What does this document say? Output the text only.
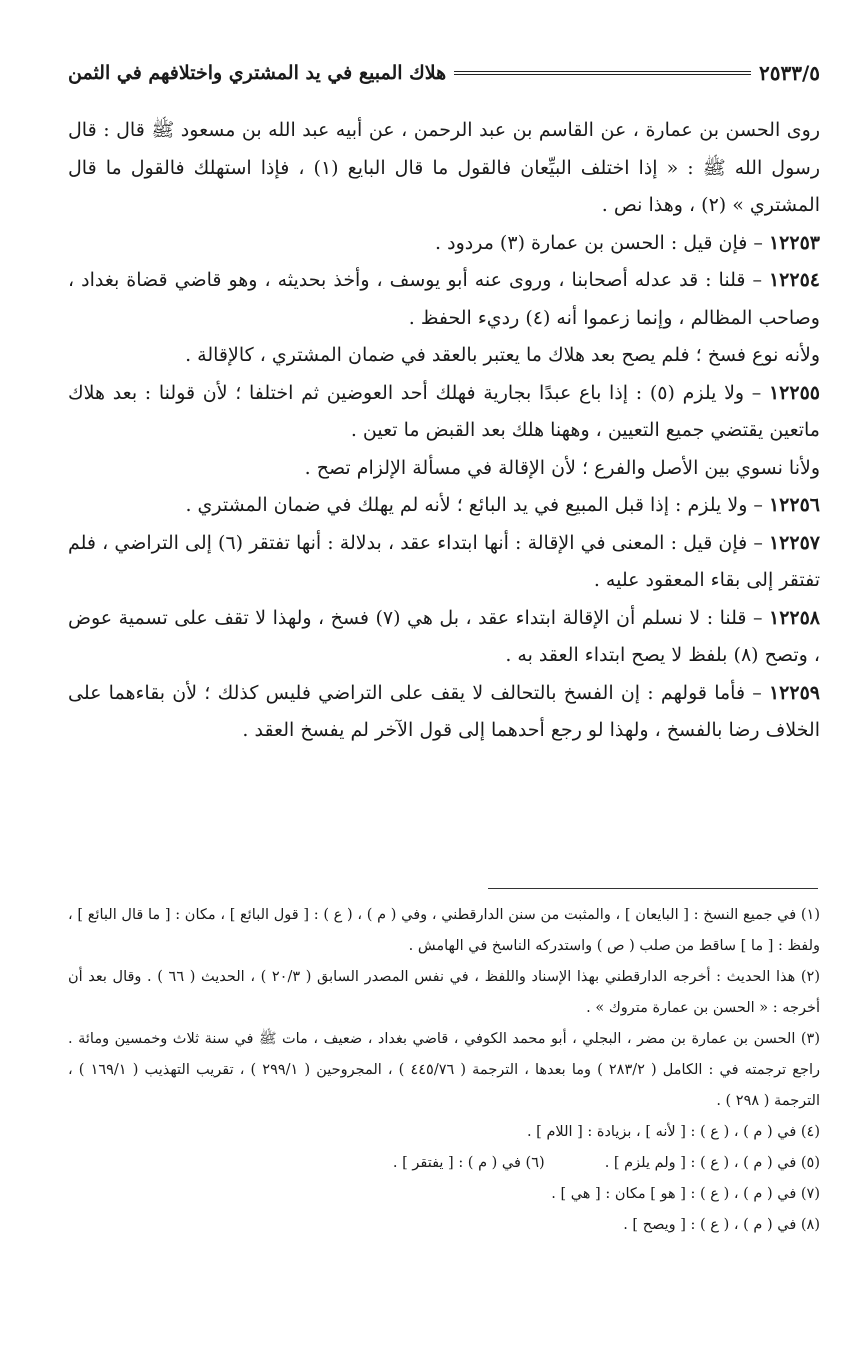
هلاك المبيع في يد المشتري واختلافهم في الثمن	٢٥٣٣/٥

روى الحسن بن عمارة ، عن القاسم بن عبد الرحمن ، عن أبيه عبد الله بن مسعود ﷺ قال : قال رسول الله ﷺ : « إذا اختلف البيِّعان فالقول ما قال البايع (١) ، فإذا استهلك فالقول ما قال المشتري » (٢) ، وهذا نص .

١٢٢٥٣ – فإن قيل : الحسن بن عمارة (٣) مردود .

١٢٢٥٤ – قلنا : قد عدله أصحابنا ، وروى عنه أبو يوسف ، وأخذ بحديثه ، وهو قاضي قضاة بغداد ، وصاحب المظالم ، وإنما زعموا أنه (٤) رديء الحفظ .

ولأنه نوع فسخ ؛ فلم يصح بعد هلاك ما يعتبر بالعقد في ضمان المشتري ، كالإقالة .

١٢٢٥٥ – ولا يلزم (٥) : إذا باع عبدًا بجارية فهلك أحد العوضين ثم اختلفا ؛ لأن قولنا : بعد هلاك ماتعين يقتضي جميع التعيين ، وههنا هلك بعد القبض ما تعين .

ولأنا نسوي بين الأصل والفرع ؛ لأن الإقالة في مسألة الإلزام تصح .

١٢٢٥٦ – ولا يلزم : إذا قبل المبيع في يد البائع ؛ لأنه لم يهلك في ضمان المشتري .

١٢٢٥٧ – فإن قيل : المعنى في الإقالة : أنها ابتداء عقد ، بدلالة : أنها تفتقر (٦) إلى التراضي ، فلم تفتقر إلى بقاء المعقود عليه .

١٢٢٥٨ – قلنا : لا نسلم أن الإقالة ابتداء عقد ، بل هي (٧) فسخ ، ولهذا لا تقف على تسمية عوض ، وتصح (٨) بلفظ لا يصح ابتداء العقد به .

١٢٢٥٩ – فأما قولهم : إن الفسخ بالتحالف لا يقف على التراضي فليس كذلك ؛ لأن بقاءهما على الخلاف رضا بالفسخ ، ولهذا لو رجع أحدهما إلى قول الآخر لم يفسخ العقد .

(١) في جميع النسخ : [ البايعان ] ، والمثبت من سنن الدارقطني ، وفي ( م ) ، ( ع ) : [ قول البائع ] ، مكان : [ ما قال البائع ] ، ولفظ : [ ما ] ساقط من صلب ( ص ) واستدركه الناسخ في الهامش .

(٢) هذا الحديث : أخرجه الدارقطني بهذا الإسناد واللفظ ، في نفس المصدر السابق ( ٢٠/٣ ) ، الحديث ( ٦٦ ) . وقال بعد أن أخرجه : « الحسن بن عمارة متروك » .

(٣) الحسن بن عمارة بن مضر ، البجلي ، أبو محمد الكوفي ، قاضي بغداد ، ضعيف ، مات ﷺ في سنة ثلاث وخمسين ومائة . راجع ترجمته في : الكامل ( ٢٨٣/٢ ) وما بعدها ، الترجمة ( ٤٤٥/٧٦ ) ، المجروحين ( ٢٩٩/١ ) ، تقريب التهذيب ( ١٦٩/١ ) ، الترجمة ( ٢٩٨ ) .

(٤) في ( م ) ، ( ع ) : [ لأنه ] ، بزيادة : [ اللام ] .

(٥) في ( م ) ، ( ع ) : [ ولم يلزم ] .
(٦) في ( م ) : [ يفتقر ] .

(٧) في ( م ) ، ( ع ) : [ هو ] مكان : [ هي ] .

(٨) في ( م ) ، ( ع ) : [ ويصح ] .
